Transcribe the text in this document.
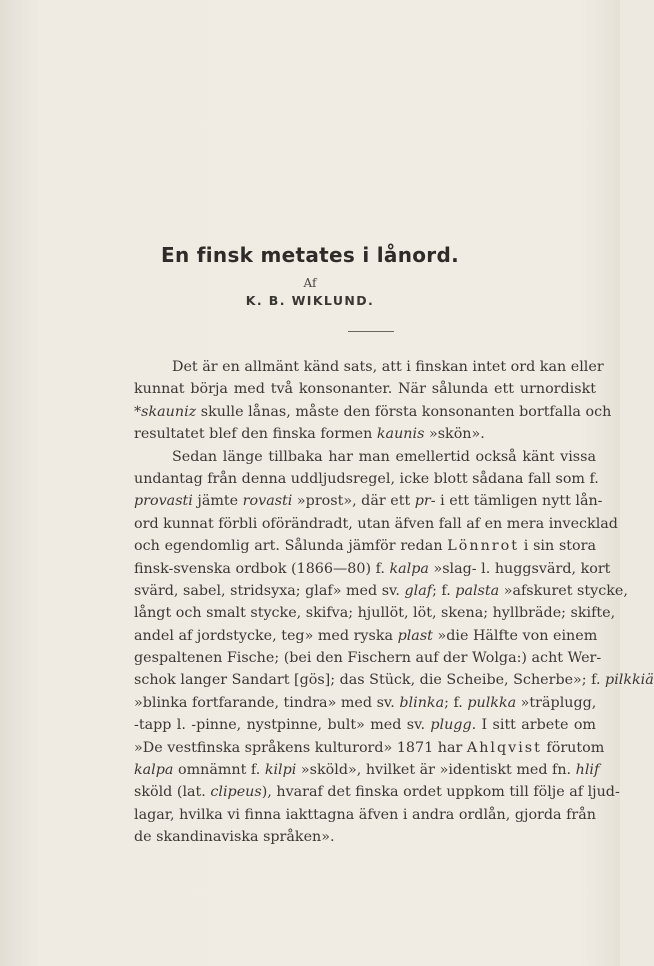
En finsk metates i lånord.
Af
K. B. WIKLUND.
Det är en allmänt känd sats, att i finskan intet ord kan eller
kunnat börja med två konsonanter. När sålunda ett urnordiskt
*skauniz skulle lånas, måste den första konsonanten bortfalla och
resultatet blef den finska formen kaunis »skön».
Sedan länge tillbaka har man emellertid också känt vissa
undantag från denna uddljudsregel, icke blott sådana fall som f.
provasti jämte rovasti »prost», där ett pr- i ett tämligen nytt lån-
ord kunnat förbli oförändradt, utan äfven fall af en mera invecklad
och egendomlig art. Sålunda jämför redan Lönnrot i sin stora
finsk-svenska ordbok (1866—80) f. kalpa »slag- l. huggsvärd, kort
svärd, sabel, stridsyxa; glaf» med sv. glaf; f. palsta »afskuret stycke,
långt och smalt stycke, skifva; hjullöt, löt, skena; hyllbräde; skifte,
andel af jordstycke, teg» med ryska plast »die Hälfte von einem
gespaltenen Fische; (bei den Fischern auf der Wolga:) acht Wer-
schok langer Sandart [gös]; das Stück, die Scheibe, Scherbe»; f. pilkkiä
»blinka fortfarande, tindra» med sv. blinka; f. pulkka »träplugg,
-tapp l. -pinne, nystpinne, bult» med sv. plugg. I sitt arbete om
»De vestfinska språkens kulturord» 1871 har Ahlqvist förutom
kalpa omnämnt f. kilpi »sköld», hvilket är »identiskt med fn. hlif
sköld (lat. clipeus), hvaraf det finska ordet uppkom till följe af ljud-
lagar, hvilka vi finna iakttagna äfven i andra ordlån, gjorda från
de skandinaviska språken».
